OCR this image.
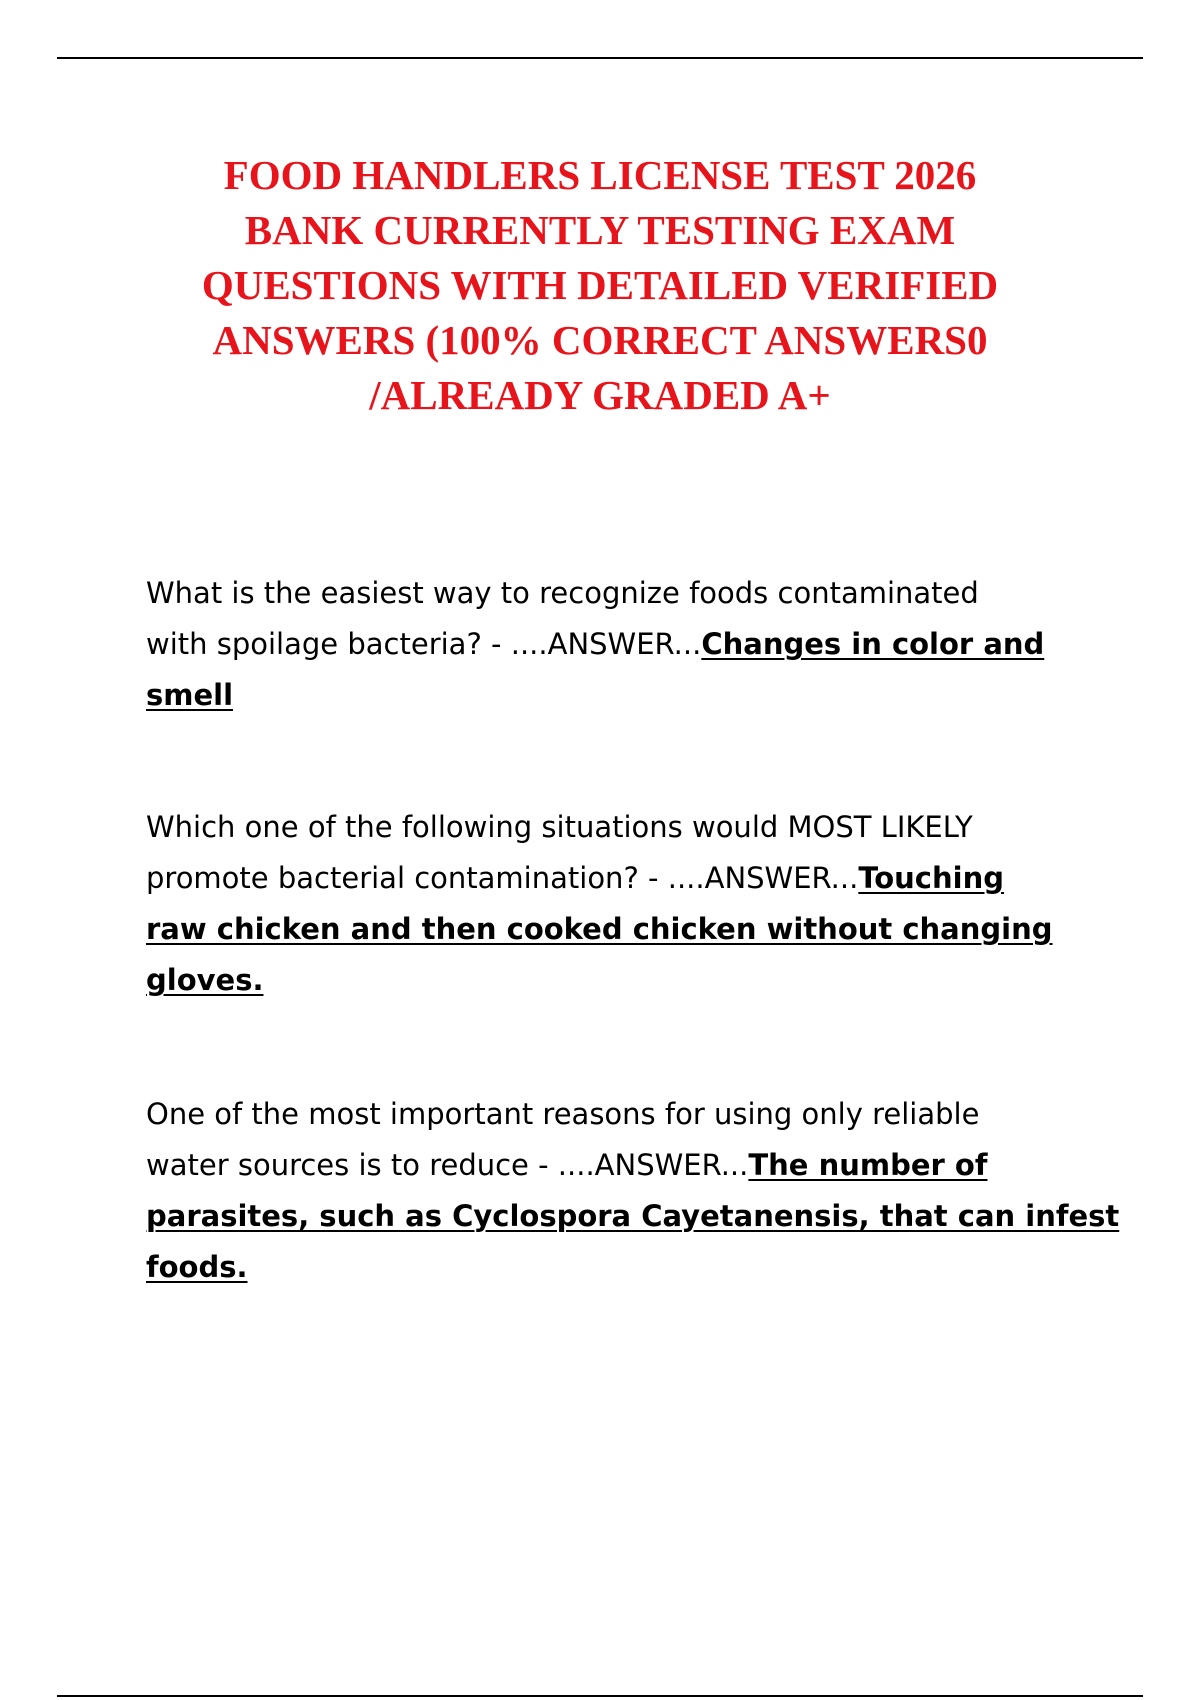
FOOD HANDLERS LICENSE TEST 2026
BANK CURRENTLY TESTING EXAM
QUESTIONS WITH DETAILED VERIFIED
ANSWERS (100% CORRECT ANSWERS0
/ALREADY GRADED A+
What is the easiest way to recognize foods contaminated
with spoilage bacteria? - ....ANSWER...Changes in color and
smell
Which one of the following situations would MOST LIKELY
promote bacterial contamination? - ....ANSWER...Touching
raw chicken and then cooked chicken without changing
gloves.
One of the most important reasons for using only reliable
water sources is to reduce - ....ANSWER...The number of
parasites, such as Cyclospora Cayetanensis, that can infest
foods.
